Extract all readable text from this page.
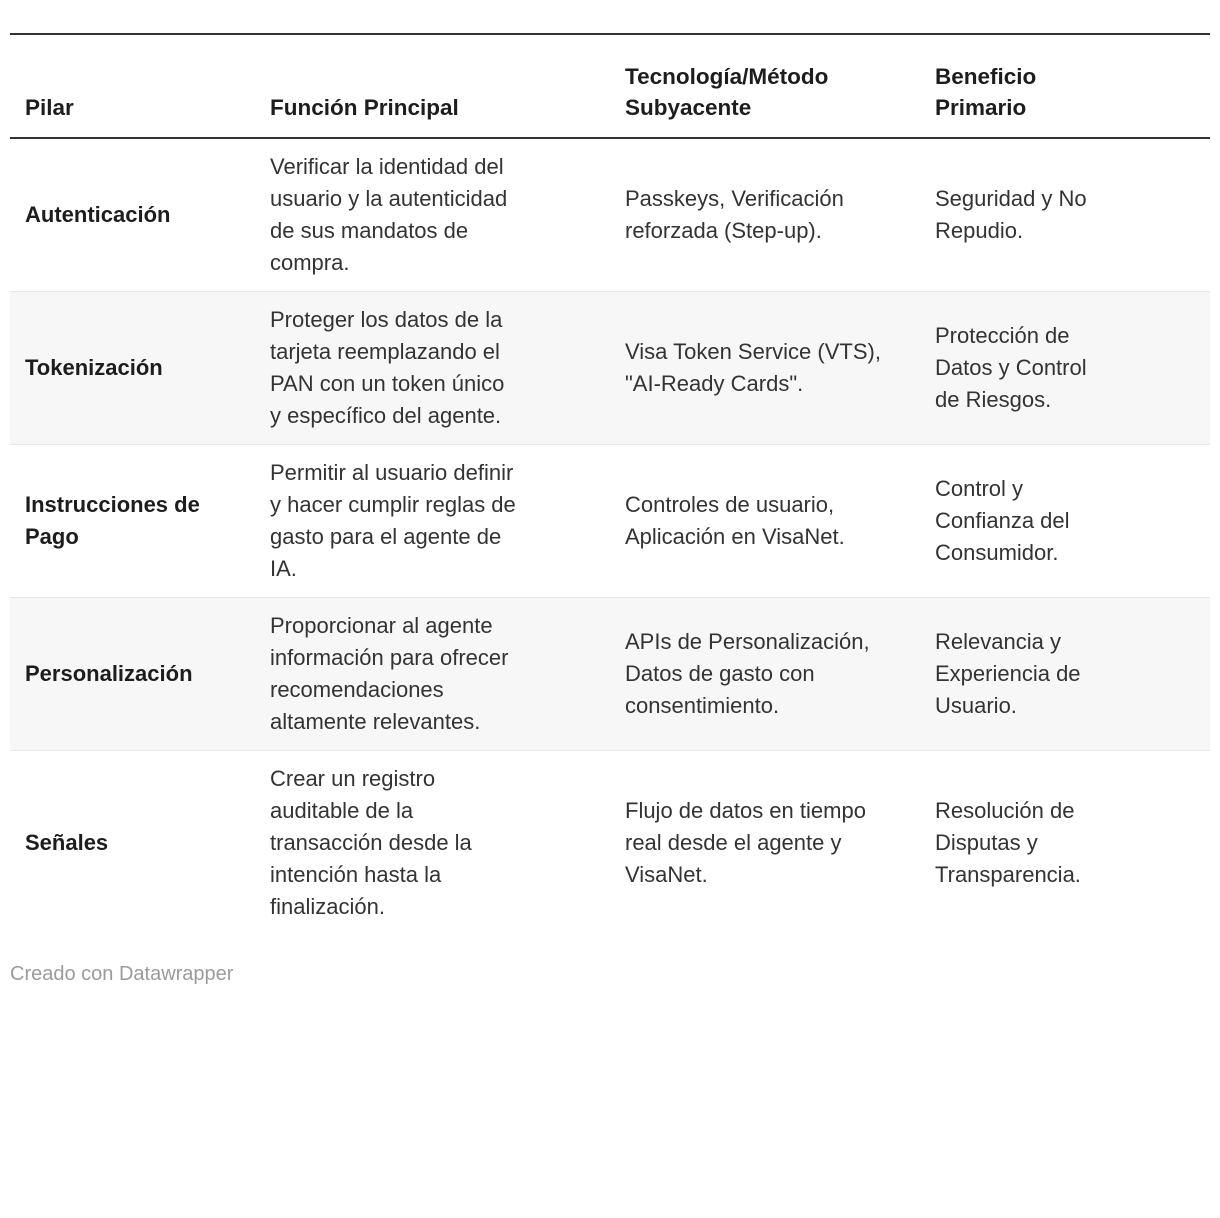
Pilar	Función Principal	Tecnología/Método Subyacente	Beneficio Primario
Autenticación	Verificar la identidad del usuario y la autenticidad de sus mandatos de compra.	Passkeys, Verificación reforzada (Step-up).	Seguridad y No Repudio.
Tokenización	Proteger los datos de la tarjeta reemplazando el PAN con un token único y específico del agente.	Visa Token Service (VTS), "AI-Ready Cards".	Protección de Datos y Control de Riesgos.
Instrucciones de Pago	Permitir al usuario definir y hacer cumplir reglas de gasto para el agente de IA.	Controles de usuario, Aplicación en VisaNet.	Control y Confianza del Consumidor.
Personalización	Proporcionar al agente información para ofrecer recomendaciones altamente relevantes.	APIs de Personalización, Datos de gasto con consentimiento.	Relevancia y Experiencia de Usuario.
Señales	Crear un registro auditable de la transacción desde la intención hasta la finalización.	Flujo de datos en tiempo real desde el agente y VisaNet.	Resolución de Disputas y Transparencia.
Creado con Datawrapper
